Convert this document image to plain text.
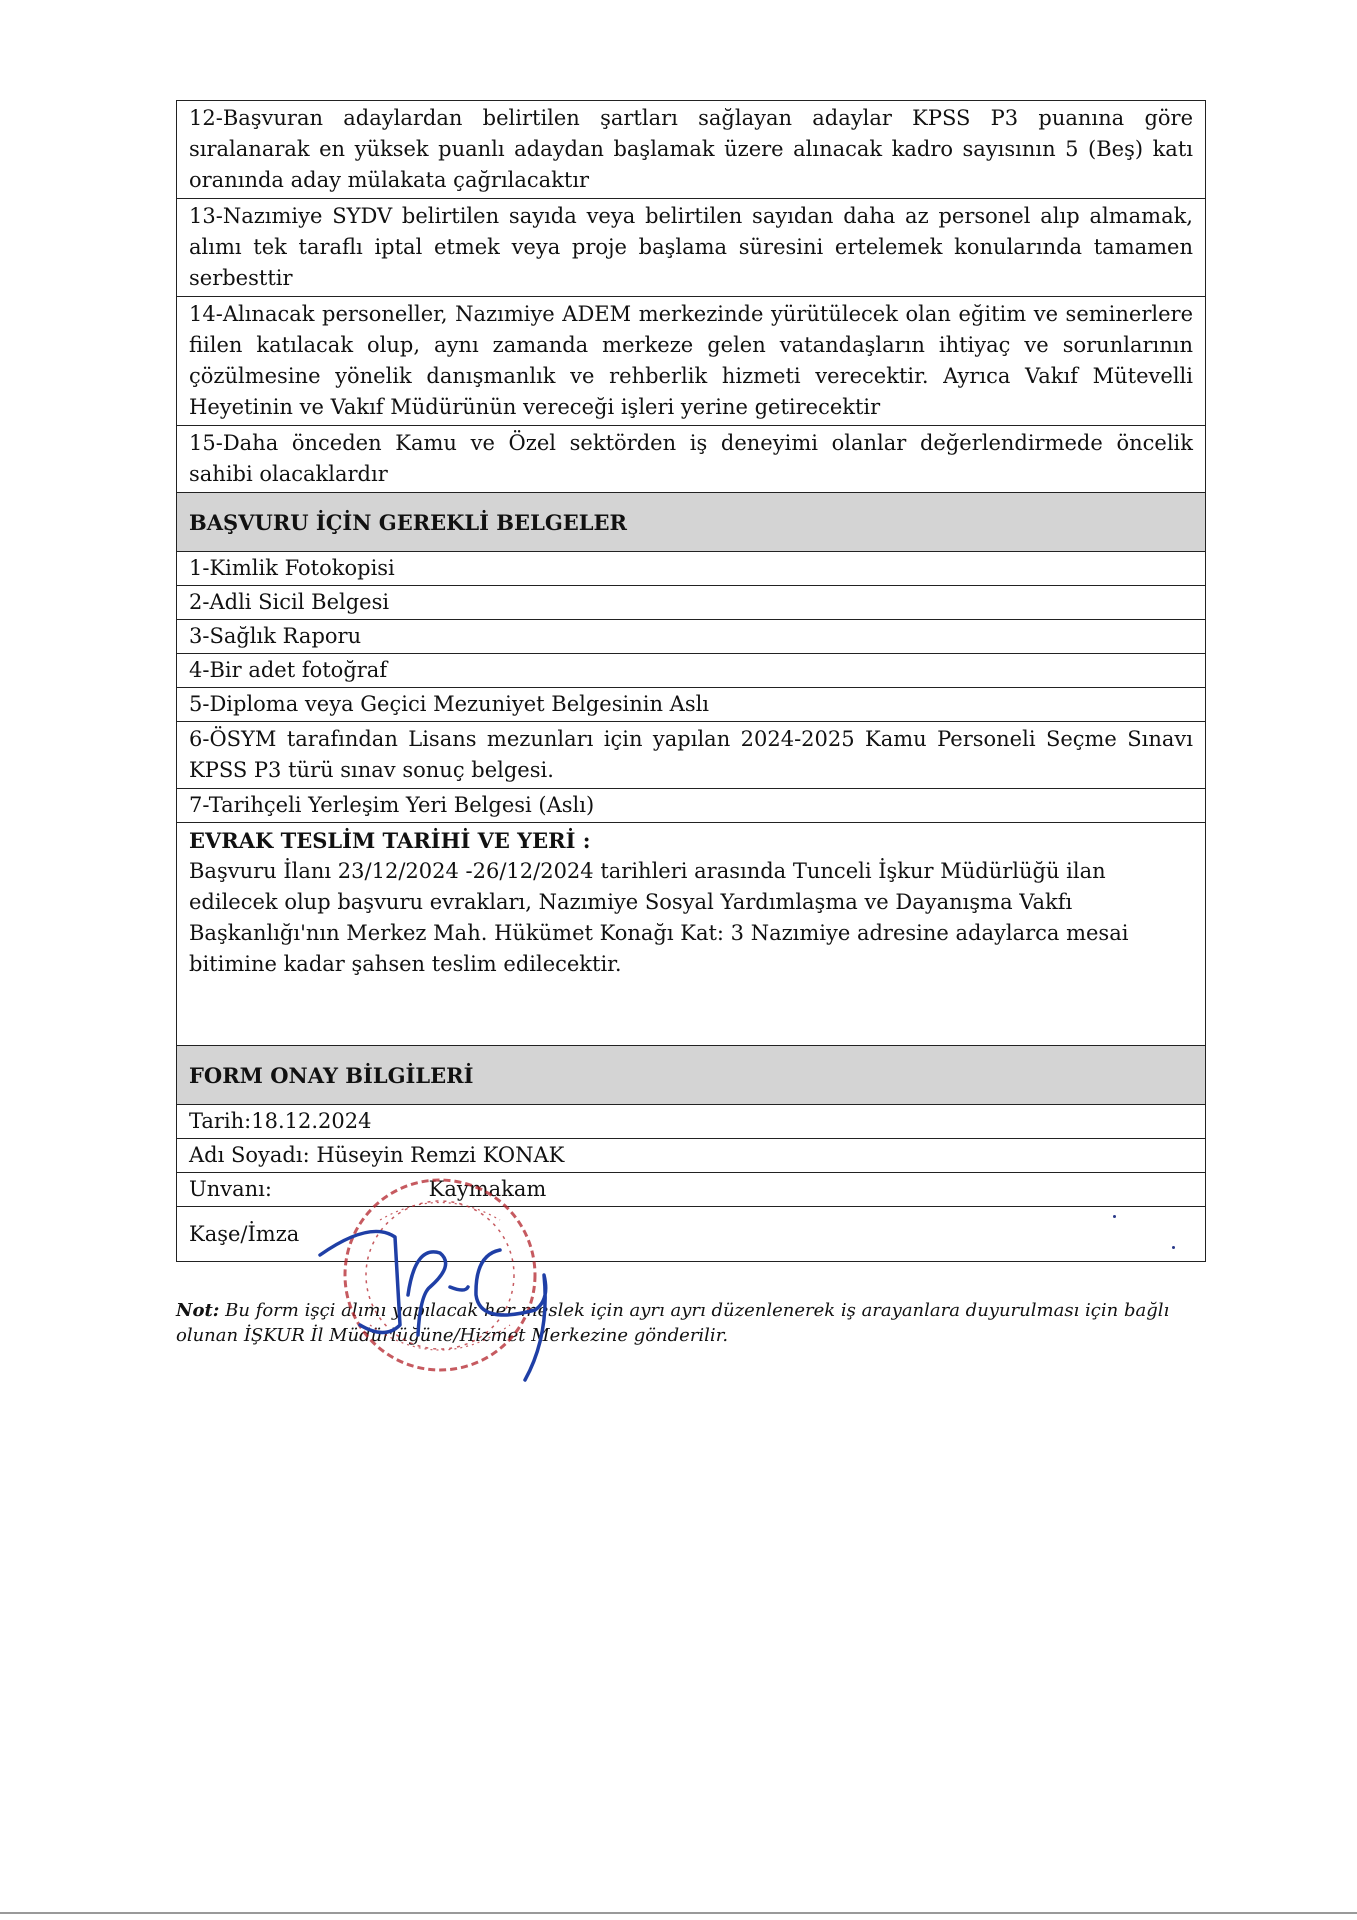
12-Başvuran adaylardan belirtilen şartları sağlayan adaylar KPSS P3 puanına göre sıralanarak en yüksek puanlı adaydan başlamak üzere alınacak kadro sayısının 5 (Beş) katı oranında aday mülakata çağrılacaktır
13-Nazımiye SYDV belirtilen sayıda veya belirtilen sayıdan daha az personel alıp almamak, alımı tek taraflı iptal etmek veya proje başlama süresini ertelemek konularında tamamen serbesttir
14-Alınacak personeller, Nazımiye ADEM merkezinde yürütülecek olan eğitim ve seminerlere fiilen katılacak olup, aynı zamanda merkeze gelen vatandaşların ihtiyaç ve sorunlarının çözülmesine yönelik danışmanlık ve rehberlik hizmeti verecektir. Ayrıca Vakıf Mütevelli Heyetinin ve Vakıf Müdürünün vereceği işleri yerine getirecektir
15-Daha önceden Kamu ve Özel sektörden iş deneyimi olanlar değerlendirmede öncelik sahibi olacaklardır
BAŞVURU İÇİN GEREKLİ BELGELER
1-Kimlik Fotokopisi
2-Adli Sicil Belgesi
3-Sağlık Raporu
4-Bir adet fotoğraf
5-Diploma veya Geçici Mezuniyet Belgesinin Aslı
6-ÖSYM tarafından Lisans mezunları için yapılan 2024-2025 Kamu Personeli Seçme Sınavı KPSS P3 türü sınav sonuç belgesi.
7-Tarihçeli Yerleşim Yeri Belgesi (Aslı)

EVRAK TESLİM TARİHİ VE YERİ :
Başvuru İlanı 23/12/2024 -26/12/2024 tarihleri arasında Tunceli İşkur Müdürlüğü ilan edilecek olup başvuru evrakları, Nazımiye Sosyal Yardımlaşma ve Dayanışma Vakfı Başkanlığı'nın Merkez Mah. Hükümet Konağı Kat: 3 Nazımiye adresine adaylarca mesai bitimine kadar şahsen teslim edilecektir.
FORM ONAY BİLGİLERİ
Tarih:18.12.2024
Adı Soyadı: Hüseyin Remzi KONAK
Unvanı:	Kaymakam
Kaşe/İmza
Not: Bu form işçi alımı yapılacak her meslek için ayrı ayrı düzenlenerek iş arayanlara duyurulması için bağlı olunan İŞKUR İl Müdürlüğüne/Hizmet Merkezine gönderilir.
